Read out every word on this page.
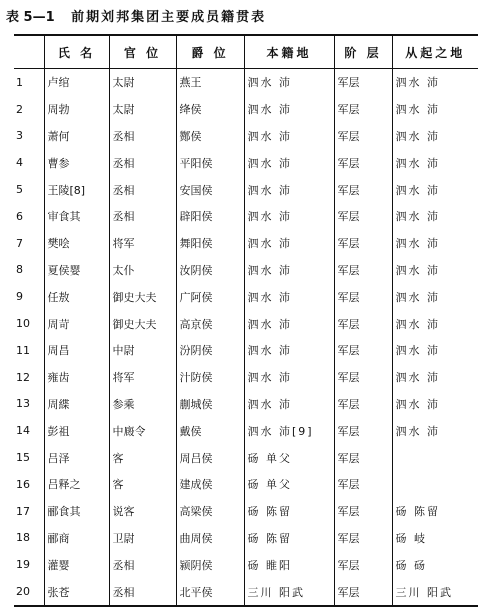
表 5—1 前期刘邦集团主要成员籍贯表
	氏 名	官 位	爵 位	本籍地	阶 层	从起之地
1	卢绾	太尉	燕王	泗水 沛	军层	泗水 沛
2	周勃	太尉	绛侯	泗水 沛	军层	泗水 沛
3	萧何	丞相	酂侯	泗水 沛	军层	泗水 沛
4	曹参	丞相	平阳侯	泗水 沛	军层	泗水 沛
5	王陵[8]	丞相	安国侯	泗水 沛	军层	泗水 沛
6	审食其	丞相	辟阳侯	泗水 沛	军层	泗水 沛
7	樊哙	将军	舞阳侯	泗水 沛	军层	泗水 沛
8	夏侯婴	太仆	汝阴侯	泗水 沛	军层	泗水 沛
9	任敖	御史大夫	广阿侯	泗水 沛	军层	泗水 沛
10	周苛	御史大夫	高京侯	泗水 沛	军层	泗水 沛
11	周昌	中尉	汾阴侯	泗水 沛	军层	泗水 沛
12	雍齿	将军	汁防侯	泗水 沛	军层	泗水 沛
13	周緤	参乘	蒯城侯	泗水 沛	军层	泗水 沛
14	彭祖	中廄令	戴侯	泗水 沛[9]	军层	泗水 沛
15	吕泽	客	周吕侯	砀 单父	军层	
16	吕释之	客	建成侯	砀 单父	军层	
17	郦食其	说客	高梁侯	砀 陈留	军层	砀 陈留
18	郦商	卫尉	曲周侯	砀 陈留	军层	砀 岐
19	灌婴	丞相	颍阴侯	砀 睢阳	军层	砀 砀
20	张苍	丞相	北平侯	三川 阳武	军层	三川 阳武
